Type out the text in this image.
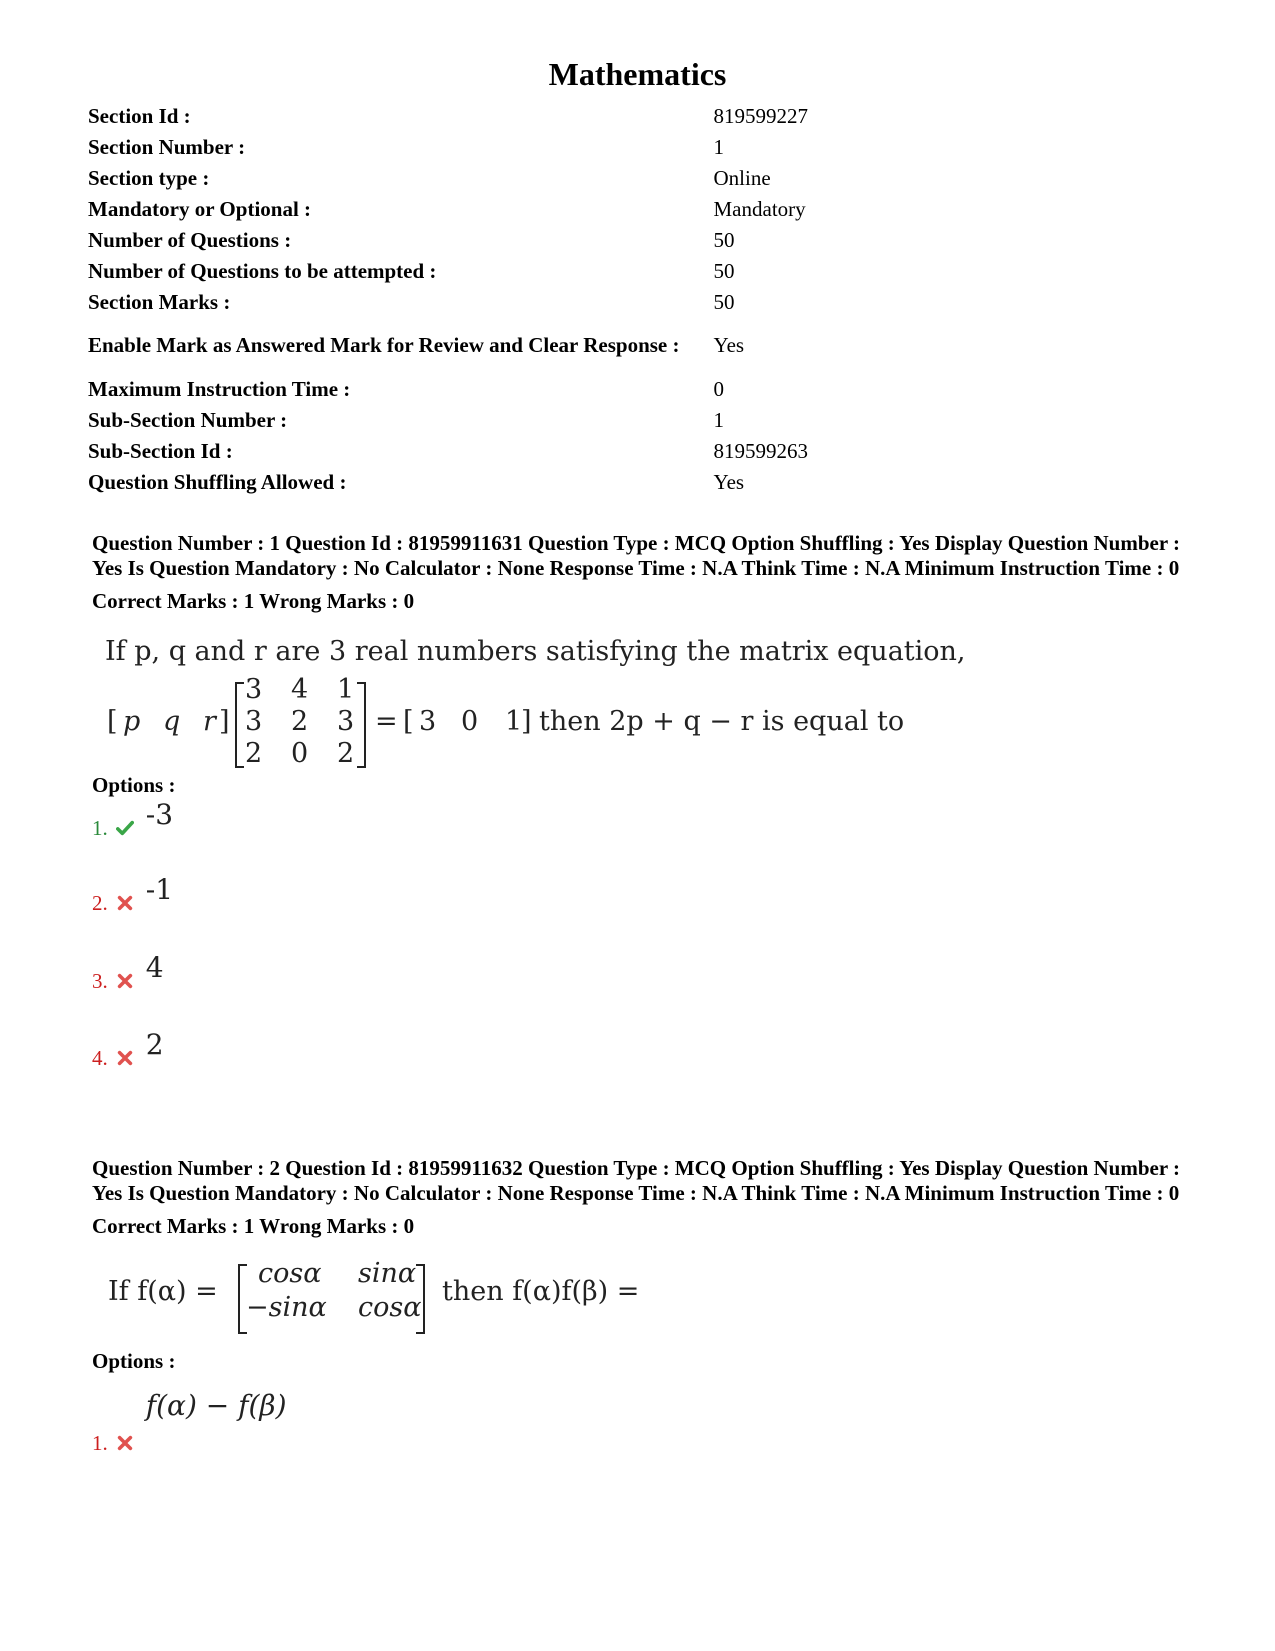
Mathematics
Section Id :	819599227
Section Number :	1
Section type :	Online
Mandatory or Optional :	Mandatory
Number of Questions :	50
Number of Questions to be attempted :	50
Section Marks :	50
Enable Mark as Answered Mark for Review and Clear Response :	Yes
Maximum Instruction Time :	0
Sub-Section Number :	1
Sub-Section Id :	819599263
Question Shuffling Allowed :	Yes

Question Number : 1 Question Id : 81959911631 Question Type : MCQ Option Shuffling : Yes Display Question Number : Yes Is Question Mandatory : No Calculator : None Response Time : N.A Think Time : N.A Minimum Instruction Time : 0

Correct Marks : 1 Wrong Marks : 0
If p, q and r are 3 real numbers satisfying the matrix equation,
[ p q r ]
3 4 1
3 2 3
2 0 2
= [ 3 0 1
] then 2p + q − r is equal to
Options :
1. -3
2. -1
3. 4
4. 2

Question Number : 2 Question Id : 81959911632 Question Type : MCQ Option Shuffling : Yes Display Question Number : Yes Is Question Mandatory : No Calculator : None Response Time : N.A Think Time : N.A Minimum Instruction Time : 0

Correct Marks : 1 Wrong Marks : 0
If f(α) =
cosα sinα
−sinα cosα
then f(α)f(β) =
Options :
1.
f(α) − f(β)
